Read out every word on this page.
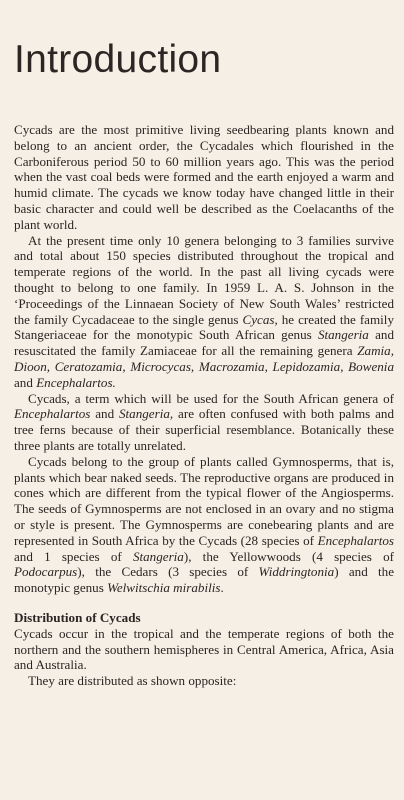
Introduction

Cycads are the most primitive living seedbearing plants known and belong to an ancient order, the Cycadales which flourished in the Carboniferous period 50 to 60 million years ago. This was the period when the vast coal beds were formed and the earth enjoyed a warm and humid climate. The cycads we know today have changed little in their basic character and could well be described as the Coelacanths of the plant world.

At the present time only 10 genera belonging to 3 families survive and total about 150 species distributed throughout the tropical and temperate regions of the world. In the past all living cycads were thought to belong to one family. In 1959 L. A. S. Johnson in the ‘Proceedings of the Linnaean Society of New South Wales’ restricted the family Cycadaceae to the single genus Cycas, he created the family Stangeriaceae for the monotypic South African genus Stangeria and resuscitated the family Zamiaceae for all the remaining genera Zamia, Dioon, Ceratozamia, Microcycas, Macrozamia, Lepidozamia, Bowenia and Encephalartos.

Cycads, a term which will be used for the South African genera of Encephalartos and Stangeria, are often confused with both palms and tree ferns because of their superficial resemblance. Botanically these three plants are totally unrelated.

Cycads belong to the group of plants called Gymnosperms, that is, plants which bear naked seeds. The reproductive organs are produced in cones which are different from the typical flower of the Angiosperms. The seeds of Gymnosperms are not enclosed in an ovary and no stigma or style is present. The Gymnosperms are conebearing plants and are represented in South Africa by the Cycads (28 species of Encephalartos and 1 species of Stangeria), the Yellowwoods (4 species of Podocarpus), the Cedars (3 species of Widdringtonia) and the monotypic genus Welwitschia mirabilis.

Distribution of Cycads

Cycads occur in the tropical and the temperate regions of both the northern and the southern hemispheres in Central America, Africa, Asia and Australia.

They are distributed as shown opposite:
